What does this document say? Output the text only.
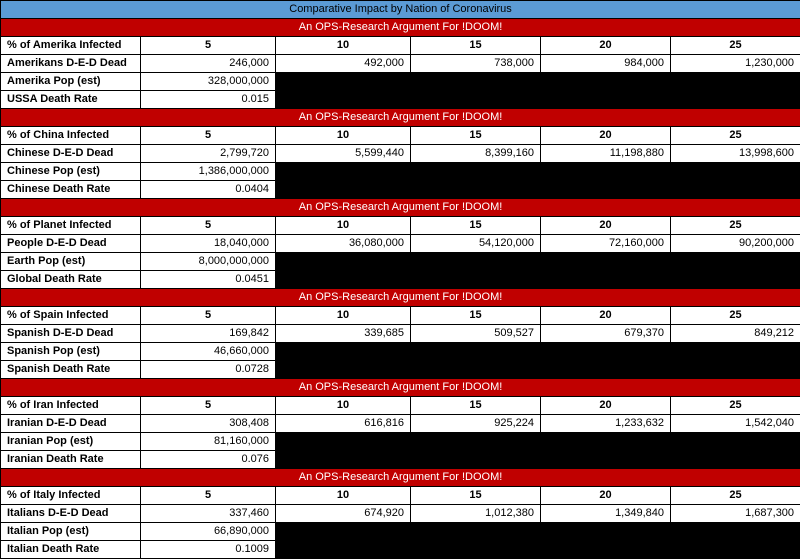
Comparative Impact by Nation of Coronavirus					
An OPS-Research Argument For !DOOM!					
% of Amerika Infected	5	10	15	20	25
Amerikans D-E-D Dead	246,000	492,000	738,000	984,000	1,230,000
Amerika Pop (est)	328,000,000				
USSA Death Rate	0.015				
An OPS-Research Argument For !DOOM!					
% of China Infected	5	10	15	20	25
Chinese D-E-D Dead	2,799,720	5,599,440	8,399,160	11,198,880	13,998,600
Chinese Pop (est)	1,386,000,000				
Chinese Death Rate	0.0404				
An OPS-Research Argument For !DOOM!					
% of Planet Infected	5	10	15	20	25
People D-E-D Dead	18,040,000	36,080,000	54,120,000	72,160,000	90,200,000
Earth Pop (est)	8,000,000,000				
Global Death Rate	0.0451				
An OPS-Research Argument For !DOOM!					
% of Spain Infected	5	10	15	20	25
Spanish D-E-D Dead	169,842	339,685	509,527	679,370	849,212
Spanish Pop (est)	46,660,000				
Spanish Death Rate	0.0728				
An OPS-Research Argument For !DOOM!					
% of Iran Infected	5	10	15	20	25
Iranian D-E-D Dead	308,408	616,816	925,224	1,233,632	1,542,040
Iranian Pop (est)	81,160,000				
Iranian Death Rate	0.076				
An OPS-Research Argument For !DOOM!					
% of Italy Infected	5	10	15	20	25
Italians D-E-D Dead	337,460	674,920	1,012,380	1,349,840	1,687,300
Italian Pop (est)	66,890,000				
Italian Death Rate	0.1009				
